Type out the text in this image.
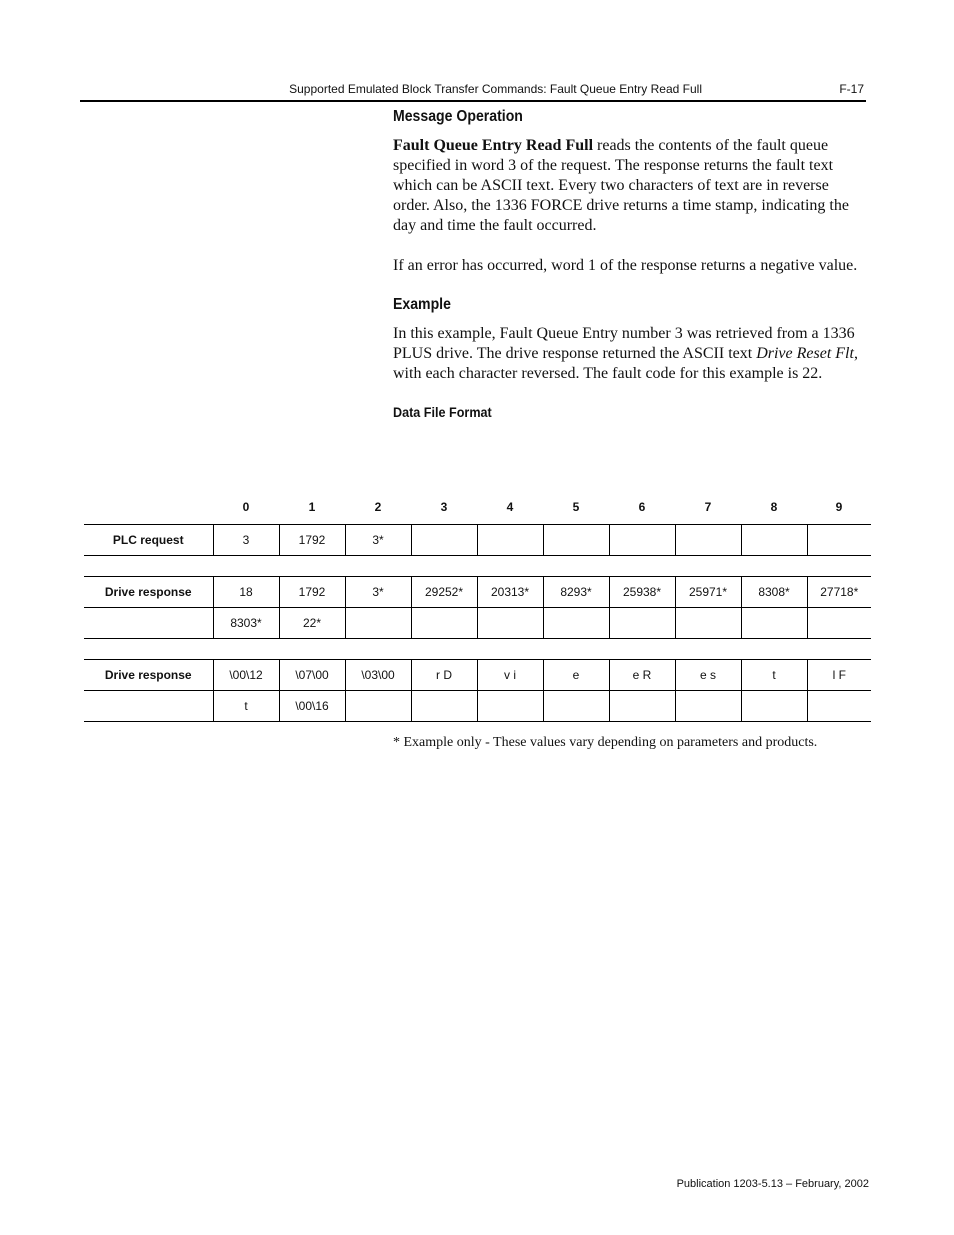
Supported Emulated Block Transfer Commands: Fault Queue Entry Read Full	F-17
Message Operation

Fault Queue Entry Read Full reads the contents of the fault queue specified in word 3 of the request. The response returns the fault text which can be ASCII text. Every two characters of text are in reverse order. Also, the 1336 FORCE drive returns a time stamp, indicating the day and time the fault occurred.

If an error has occurred, word 1 of the response returns a negative value.

Example

In this example, Fault Queue Entry number 3 was retrieved from a 1336 PLUS drive. The drive response returned the ASCII text Drive Reset Flt, with each character reversed. The fault code for this example is 22.

Data File Format
	0	1	2	3	4	5	6	7	8	9
PLC request	3	1792	3*							

Drive response	18	1792	3*	29252*	20313*	8293*	25938*	25971*	8308*	27718*
	8303*	22*								

Drive response	\00\12	\07\00	\03\00	r D	v i	e	e R	e s	t	l F
	t	\00\16								
* Example only - These values vary depending on parameters and products.
Publication 1203-5.13 – February, 2002
